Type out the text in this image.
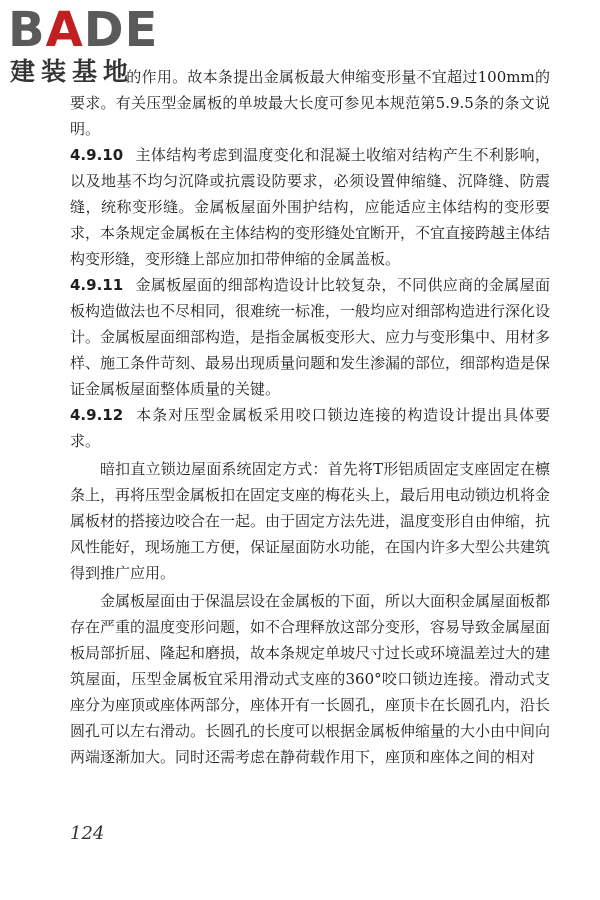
BADE
建装基地

的作用。故本条提出金属板最大伸缩变形量不宜超过100mm的要求。有关压型金属板的单坡最大长度可参见本规范第5.9.5条的条文说明。

4.9.10 主体结构考虑到温度变化和混凝土收缩对结构产生不利影响，以及地基不均匀沉降或抗震设防要求，必须设置伸缩缝、沉降缝、防震缝，统称变形缝。金属板屋面外围护结构，应能适应主体结构的变形要求，本条规定金属板在主体结构的变形缝处宜断开，不宜直接跨越主体结构变形缝，变形缝上部应加扣带伸缩的金属盖板。

4.9.11 金属板屋面的细部构造设计比较复杂，不同供应商的金属屋面板构造做法也不尽相同，很难统一标准，一般均应对细部构造进行深化设计。金属板屋面细部构造，是指金属板变形大、应力与变形集中、用材多样、施工条件苛刻、最易出现质量问题和发生渗漏的部位，细部构造是保证金属板屋面整体质量的关键。

4.9.12 本条对压型金属板采用咬口锁边连接的构造设计提出具体要求。

暗扣直立锁边屋面系统固定方式：首先将T形铝质固定支座固定在檩条上，再将压型金属板扣在固定支座的梅花头上，最后用电动锁边机将金属板材的搭接边咬合在一起。由于固定方法先进，温度变形自由伸缩，抗风性能好，现场施工方便，保证屋面防水功能，在国内许多大型公共建筑得到推广应用。

金属板屋面由于保温层设在金属板的下面，所以大面积金属屋面板都存在严重的温度变形问题，如不合理释放这部分变形，容易导致金属屋面板局部折屈、隆起和磨损，故本条规定单坡尺寸过长或环境温差过大的建筑屋面，压型金属板宜采用滑动式支座的360°咬口锁边连接。滑动式支座分为座顶或座体两部分，座体开有一长圆孔，座顶卡在长圆孔内，沿长圆孔可以左右滑动。长圆孔的长度可以根据金属板伸缩量的大小由中间向两端逐渐加大。同时还需考虑在静荷载作用下，座顶和座体之间的相对

124
